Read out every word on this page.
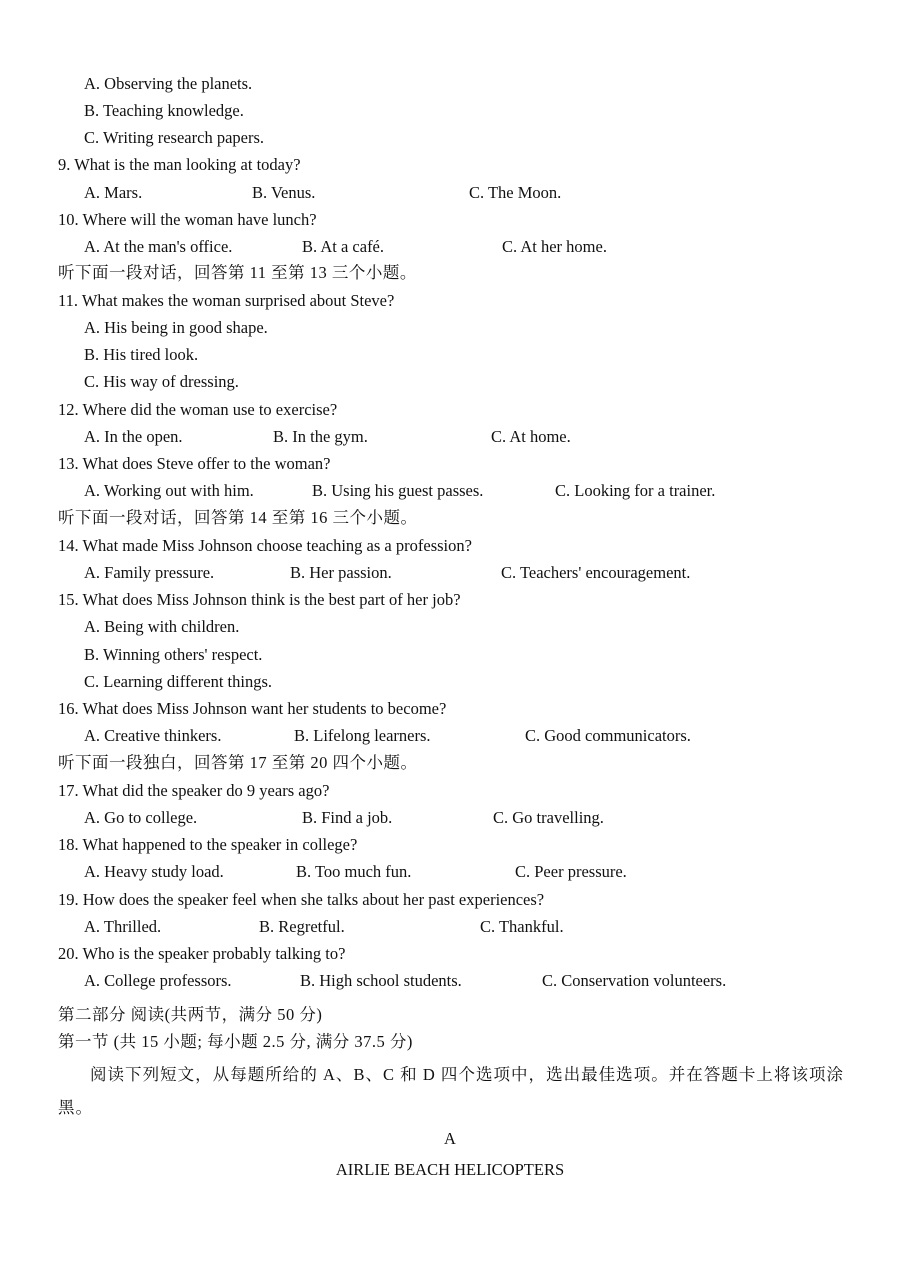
A. Observing the planets.
B. Teaching knowledge.
C. Writing research papers.
9. What is the man looking at today?
A. Mars.	B. Venus.	C. The Moon.
10. Where will the woman have lunch?
A. At the man's office.	B. At a café.	C. At her home.
听下面一段对话，回答第 11 至第 13 三个小题。
11. What makes the woman surprised about Steve?
A. His being in good shape.
B. His tired look.
C. His way of dressing.
12. Where did the woman use to exercise?
A. In the open.	B. In the gym.	C. At home.
13. What does Steve offer to the woman?
A. Working out with him.	B. Using his guest passes.	C. Looking for a trainer.
听下面一段对话，回答第 14 至第 16 三个小题。
14. What made Miss Johnson choose teaching as a profession?
A. Family pressure.	B. Her passion.	C. Teachers' encouragement.
15. What does Miss Johnson think is the best part of her job?
A. Being with children.
B. Winning others' respect.
C. Learning different things.
16. What does Miss Johnson want her students to become?
A. Creative thinkers.	B. Lifelong learners.	C. Good communicators.
听下面一段独白，回答第 17 至第 20 四个小题。
17. What did the speaker do 9 years ago?
A. Go to college.	B. Find a job.	C. Go travelling.
18. What happened to the speaker in college?
A. Heavy study load.	B. Too much fun.	C. Peer pressure.
19. How does the speaker feel when she talks about her past experiences?
A. Thrilled.	B. Regretful.	C. Thankful.
20. Who is the speaker probably talking to?
A. College professors.	B. High school students.	C. Conservation volunteers.
第二部分 阅读(共两节，满分 50 分)
第一节 (共 15 小题; 每小题 2.5 分, 满分 37.5 分)
阅读下列短文，从每题所给的 A、B、C 和 D 四个选项中，选出最佳选项。并在答题卡上将该项涂黑。
A
AIRLIE BEACH HELICOPTERS
